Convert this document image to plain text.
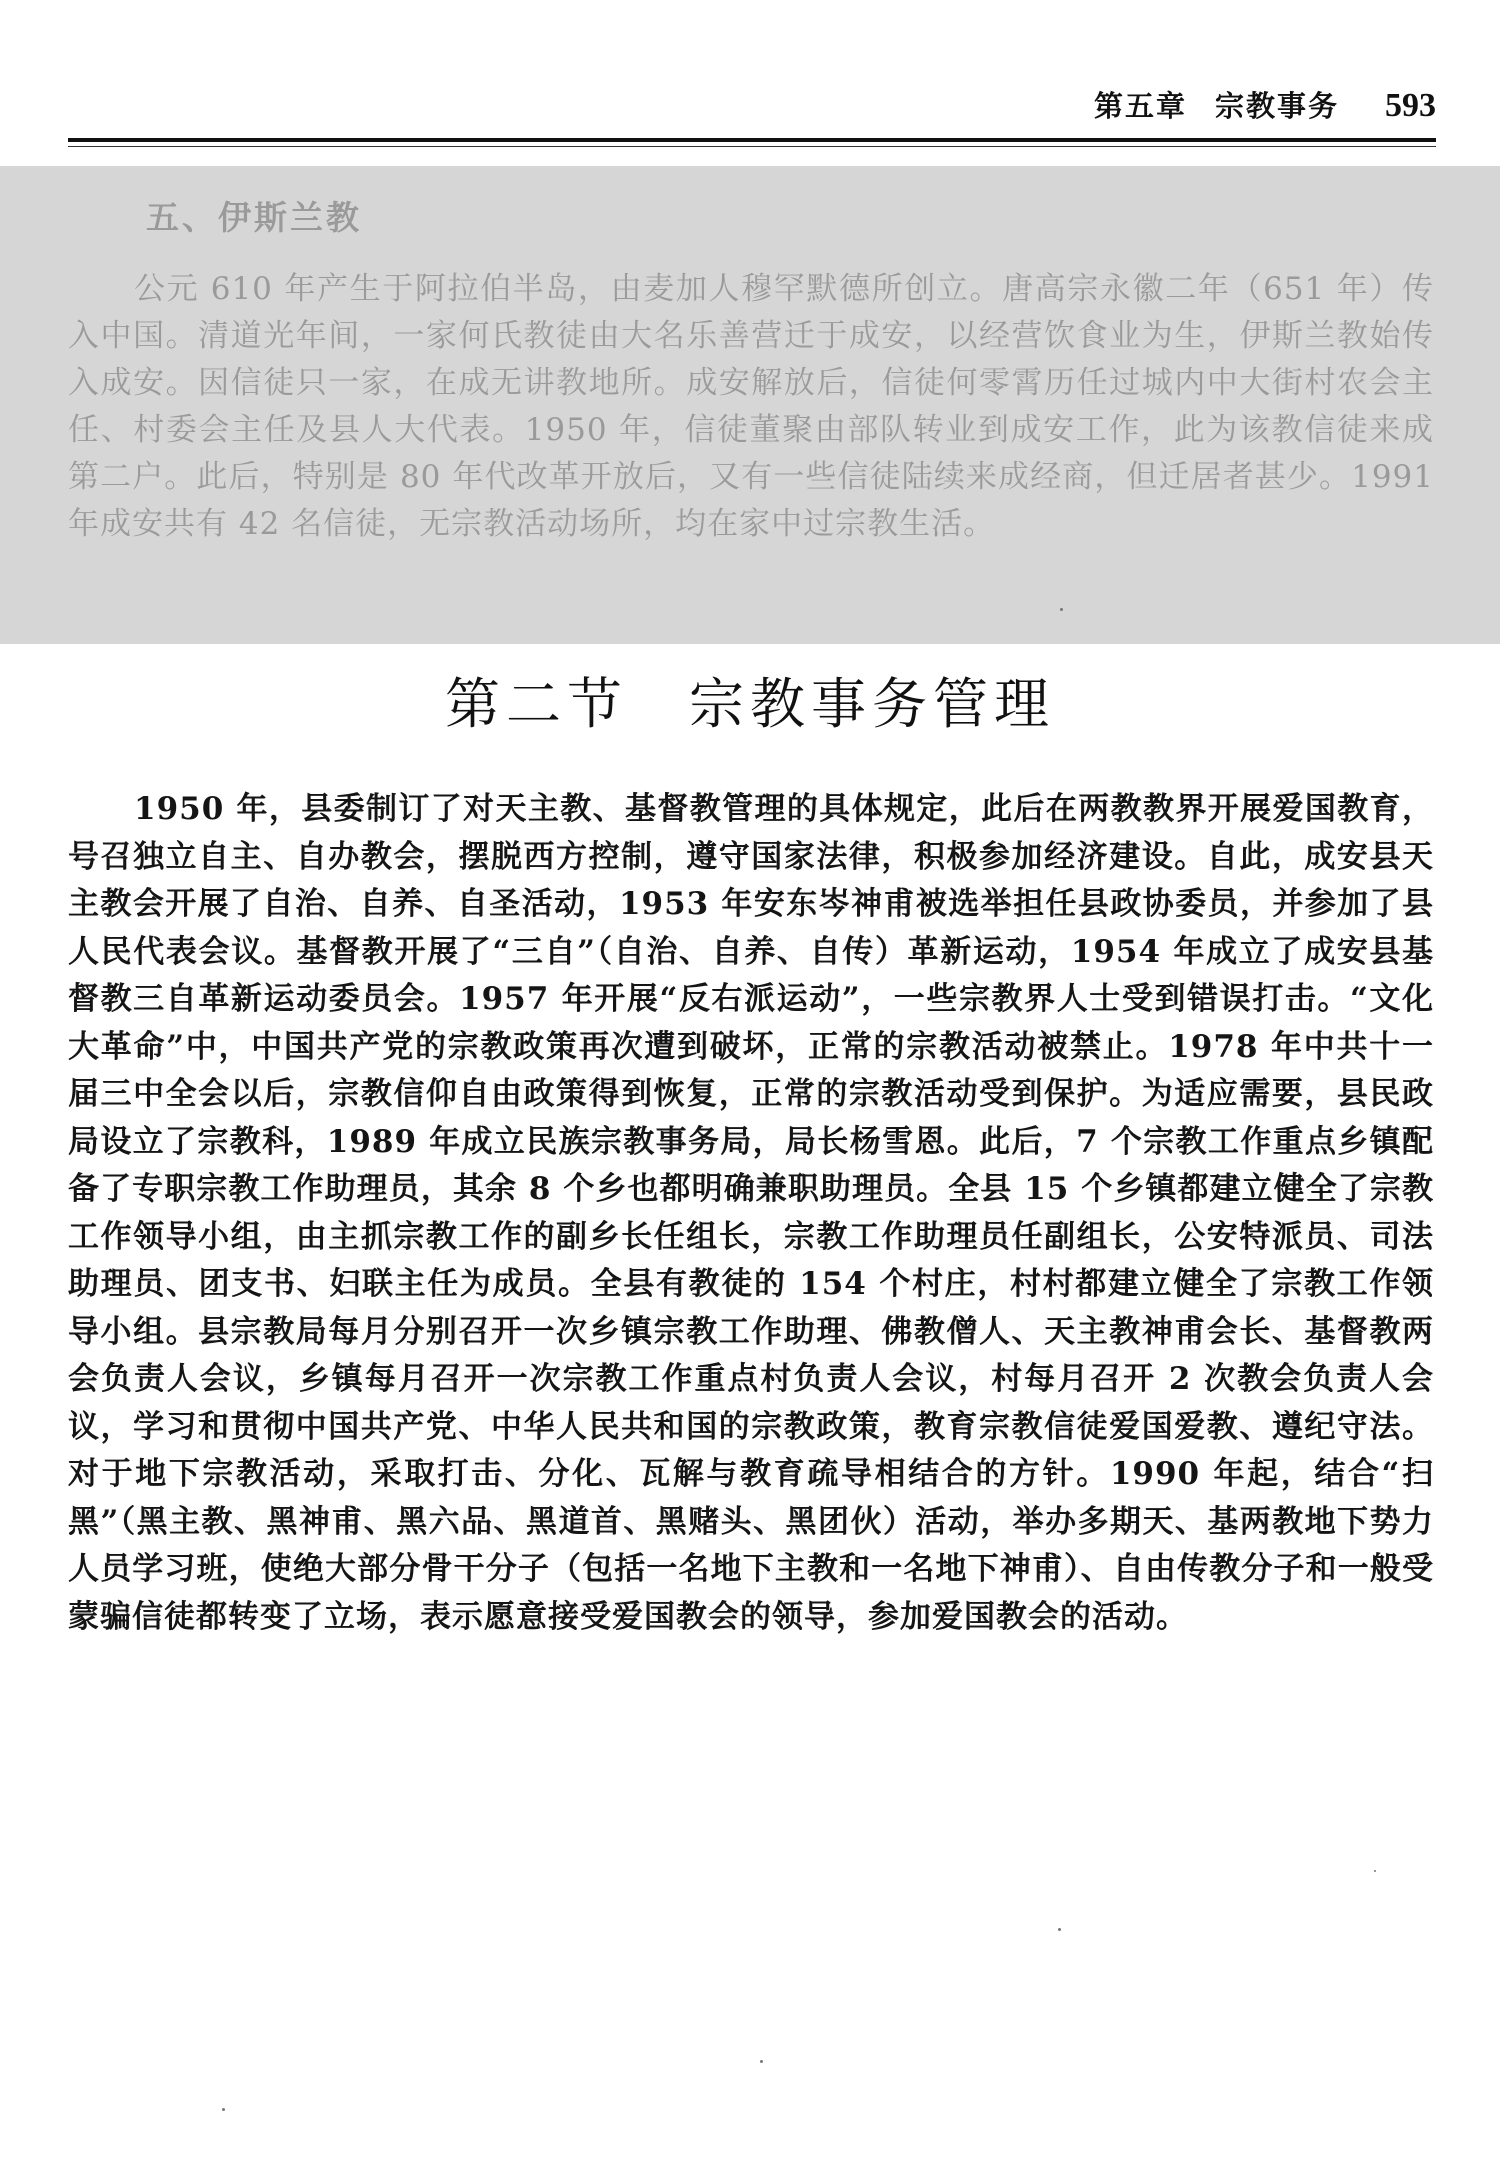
第五章 宗教事务 593
五、伊斯兰教
公元 610 年产生于阿拉伯半岛，由麦加人穆罕默德所创立。唐高宗永徽二年（651 年）传入中国。清道光年间，一家何氏教徒由大名乐善营迁于成安，以经营饮食业为生，伊斯兰教始传入成安。因信徒只一家，在成无讲教地所。成安解放后，信徒何零霄历任过城内中大街村农会主任、村委会主任及县人大代表。1950 年，信徒董聚由部队转业到成安工作，此为该教信徒来成第二户。此后，特别是 80 年代改革开放后，又有一些信徒陆续来成经商，但迁居者甚少。1991 年成安共有 42 名信徒，无宗教活动场所，均在家中过宗教生活。
第二节　宗教事务管理
1950 年，县委制订了对天主教、基督教管理的具体规定，此后在两教教界开展爱国教育，号召独立自主、自办教会，摆脱西方控制，遵守国家法律，积极参加经济建设。自此，成安县天主教会开展了自治、自养、自圣活动，1953 年安东岑神甫被选举担任县政协委员，并参加了县人民代表会议。基督教开展了“三自”（自治、自养、自传）革新运动，1954 年成立了成安县基督教三自革新运动委员会。1957 年开展“反右派运动”，一些宗教界人士受到错误打击。“文化大革命”中，中国共产党的宗教政策再次遭到破坏，正常的宗教活动被禁止。1978 年中共十一届三中全会以后，宗教信仰自由政策得到恢复，正常的宗教活动受到保护。为适应需要，县民政局设立了宗教科，1989 年成立民族宗教事务局，局长杨雪恩。此后，7 个宗教工作重点乡镇配备了专职宗教工作助理员，其余 8 个乡也都明确兼职助理员。全县 15 个乡镇都建立健全了宗教工作领导小组，由主抓宗教工作的副乡长任组长，宗教工作助理员任副组长，公安特派员、司法助理员、团支书、妇联主任为成员。全县有教徒的 154 个村庄，村村都建立健全了宗教工作领导小组。县宗教局每月分别召开一次乡镇宗教工作助理、佛教僧人、天主教神甫会长、基督教两会负责人会议，乡镇每月召开一次宗教工作重点村负责人会议，村每月召开 2 次教会负责人会议，学习和贯彻中国共产党、中华人民共和国的宗教政策，教育宗教信徒爱国爱教、遵纪守法。对于地下宗教活动，采取打击、分化、瓦解与教育疏导相结合的方针。1990 年起，结合“扫黑”（黑主教、黑神甫、黑六品、黑道首、黑赌头、黑团伙）活动，举办多期天、基两教地下势力人员学习班，使绝大部分骨干分子（包括一名地下主教和一名地下神甫）、自由传教分子和一般受蒙骗信徒都转变了立场，表示愿意接受爱国教会的领导，参加爱国教会的活动。
